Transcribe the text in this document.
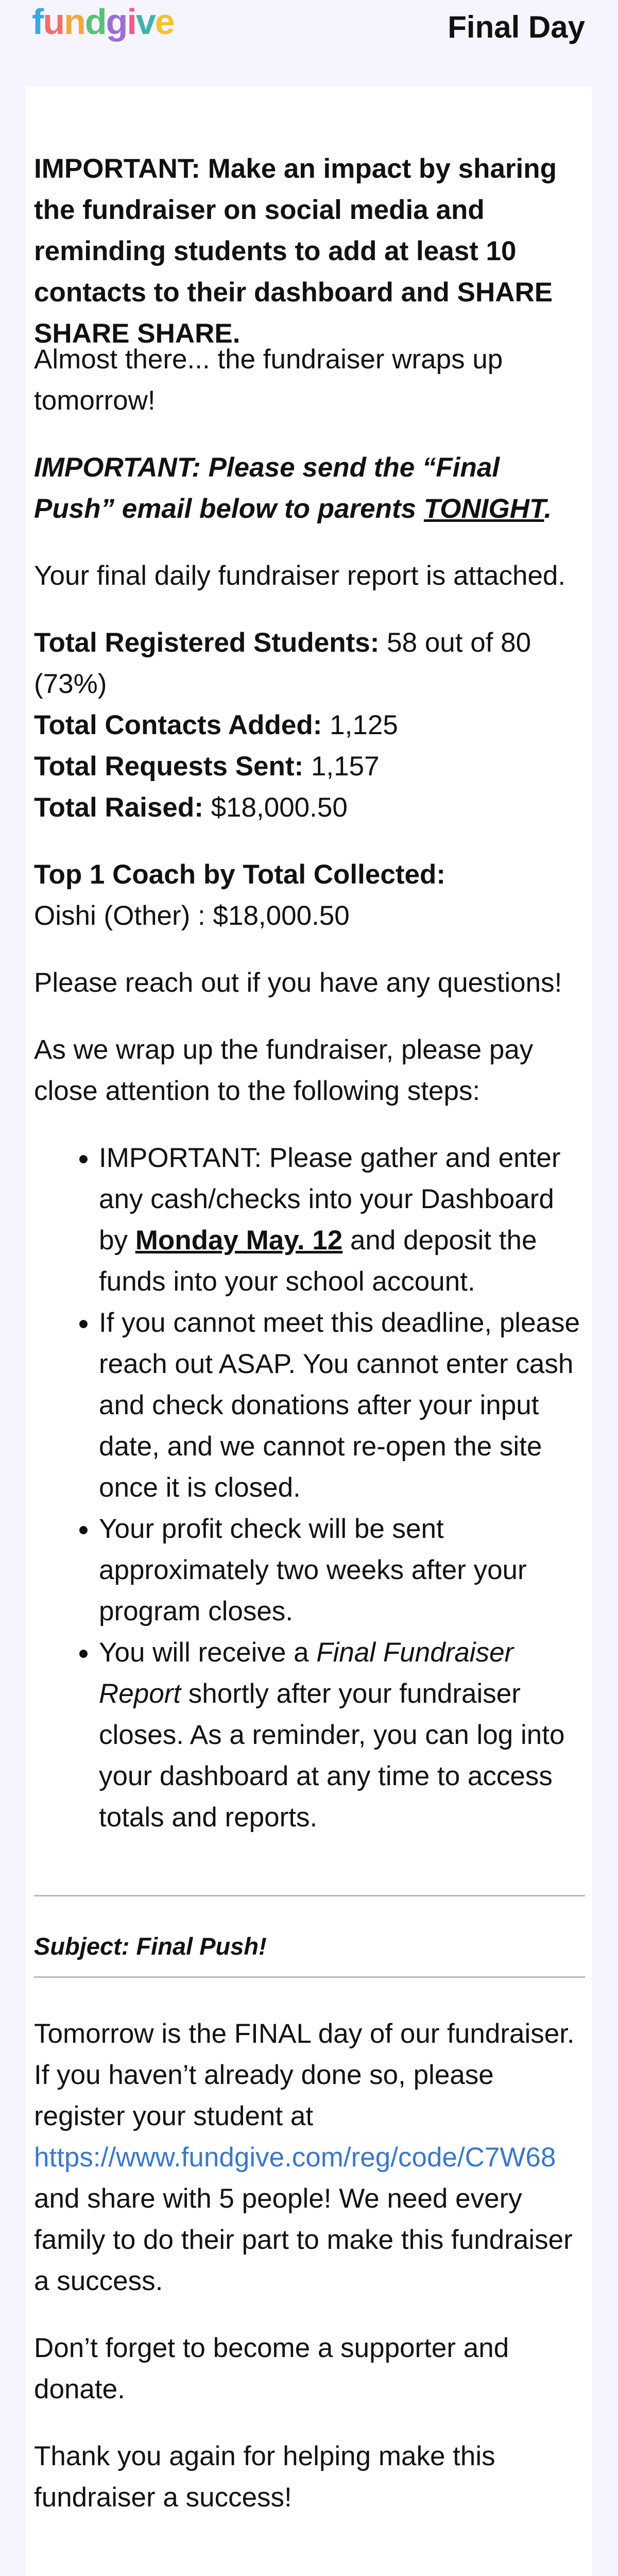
fundgive	Final Day

IMPORTANT: Make an impact by sharing the fundraiser on social media and reminding students to add at least 10 contacts to their dashboard and SHARE SHARE SHARE.

Almost there... the fundraiser wraps up tomorrow!

IMPORTANT: Please send the “Final Push” email below to parents TONIGHT.

Your final daily fundraiser report is attached.

Total Registered Students: 58 out of 80 (73%)
Total Contacts Added: 1,125
Total Requests Sent: 1,157
Total Raised: $18,000.50
Top 1 Coach by Total Collected:
Oishi (Other) : $18,000.50

Please reach out if you have any questions!

As we wrap up the fundraiser, please pay close attention to the following steps:

• IMPORTANT: Please gather and enter any cash/checks into your Dashboard by Monday May. 12 and deposit the funds into your school account.
• If you cannot meet this deadline, please reach out ASAP. You cannot enter cash and check donations after your input date, and we cannot re-open the site once it is closed.
• Your profit check will be sent approximately two weeks after your program closes.
• You will receive a Final Fundraiser Report shortly after your fundraiser closes. As a reminder, you can log into your dashboard at any time to access totals and reports.

Subject: Final Push!

Tomorrow is the FINAL day of our fundraiser. If you haven’t already done so, please register your student at https://www.fundgive.com/reg/code/C7W68 and share with 5 people! We need every family to do their part to make this fundraiser a success.

Don’t forget to become a supporter and donate.

Thank you again for helping make this fundraiser a success!
